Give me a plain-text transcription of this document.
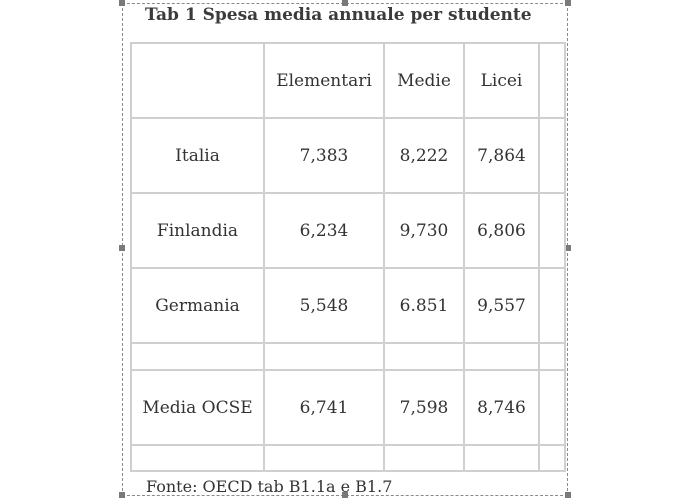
Tab 1 Spesa media annuale per studente
	Elementari	Medie	Licei	
Italia	7,383	8,222	7,864	
Finlandia	6,234	9,730	6,806	
Germania	5,548	6.851	9,557	

Media OCSE	6,741	7,598	8,746	

Fonte: OECD tab B1.1a e B1.7
